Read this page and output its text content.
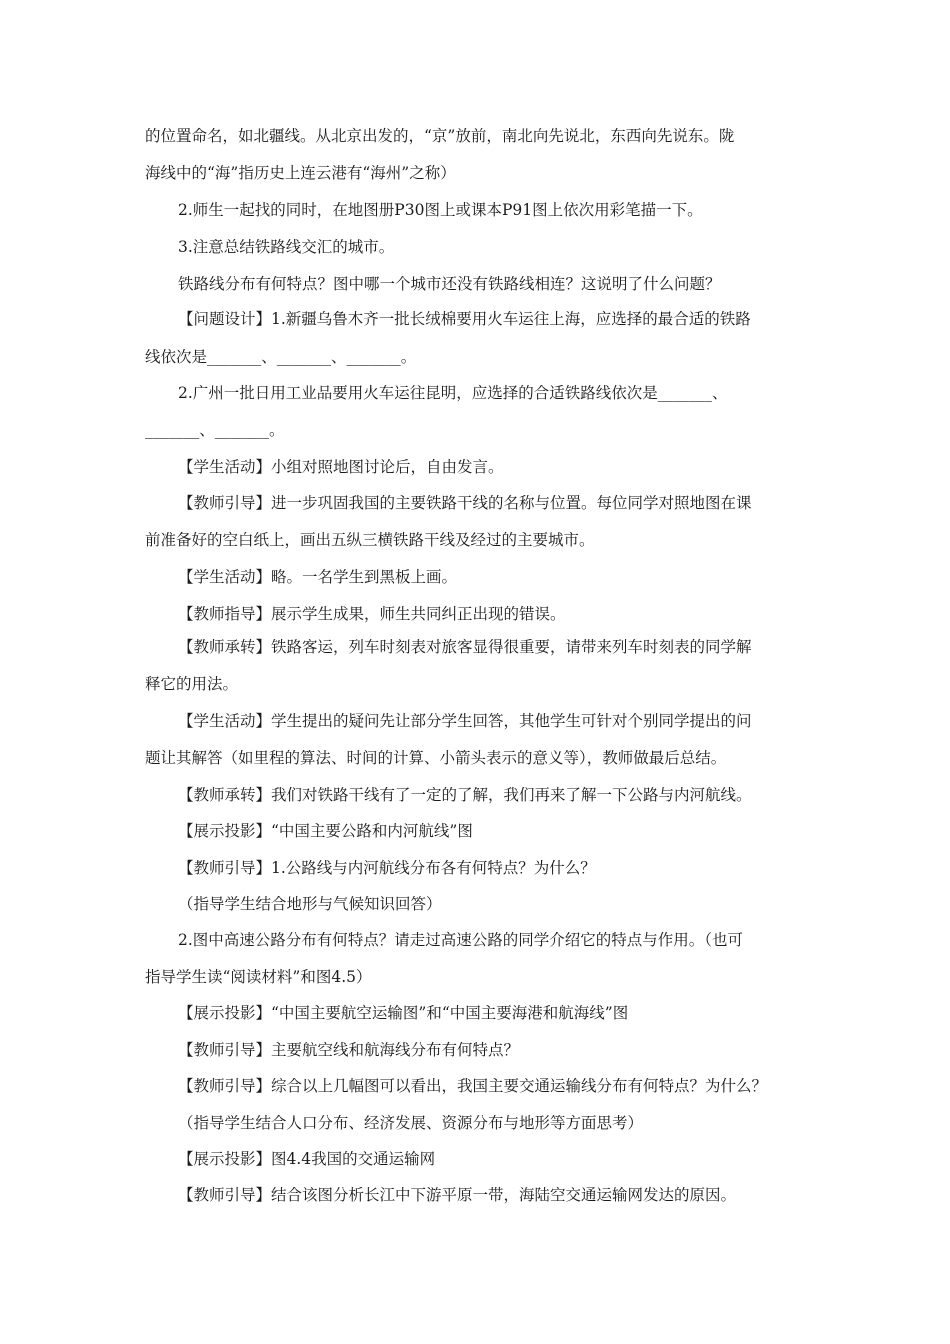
的位置命名，如北疆线。从北京出发的，“京”放前，南北向先说北，东西向先说东。陇
海线中的“海”指历史上连云港有“海州”之称）
2.师生一起找的同时，在地图册P30图上或课本P91图上依次用彩笔描一下。
3.注意总结铁路线交汇的城市。
铁路线分布有何特点？图中哪一个城市还没有铁路线相连？这说明了什么问题？
【问题设计】1.新疆乌鲁木齐一批长绒棉要用火车运往上海，应选择的最合适的铁路
线依次是_______、_______、_______。
2.广州一批日用工业品要用火车运往昆明，应选择的合适铁路线依次是_______、
_______、_______。
【学生活动】小组对照地图讨论后，自由发言。
【教师引导】进一步巩固我国的主要铁路干线的名称与位置。每位同学对照地图在课
前准备好的空白纸上，画出五纵三横铁路干线及经过的主要城市。
【学生活动】略。一名学生到黑板上画。
【教师指导】展示学生成果，师生共同纠正出现的错误。
【教师承转】铁路客运，列车时刻表对旅客显得很重要，请带来列车时刻表的同学解
释它的用法。
【学生活动】学生提出的疑问先让部分学生回答，其他学生可针对个别同学提出的问
题让其解答（如里程的算法、时间的计算、小箭头表示的意义等），教师做最后总结。
【教师承转】我们对铁路干线有了一定的了解，我们再来了解一下公路与内河航线。
【展示投影】“中国主要公路和内河航线”图
【教师引导】1.公路线与内河航线分布各有何特点？为什么？
（指导学生结合地形与气候知识回答）
2.图中高速公路分布有何特点？请走过高速公路的同学介绍它的特点与作用。（也可
指导学生读“阅读材料”和图4.5）
【展示投影】“中国主要航空运输图”和“中国主要海港和航海线”图
【教师引导】主要航空线和航海线分布有何特点？
【教师引导】综合以上几幅图可以看出，我国主要交通运输线分布有何特点？为什么？
（指导学生结合人口分布、经济发展、资源分布与地形等方面思考）
【展示投影】图4.4我国的交通运输网
【教师引导】结合该图分析长江中下游平原一带，海陆空交通运输网发达的原因。
